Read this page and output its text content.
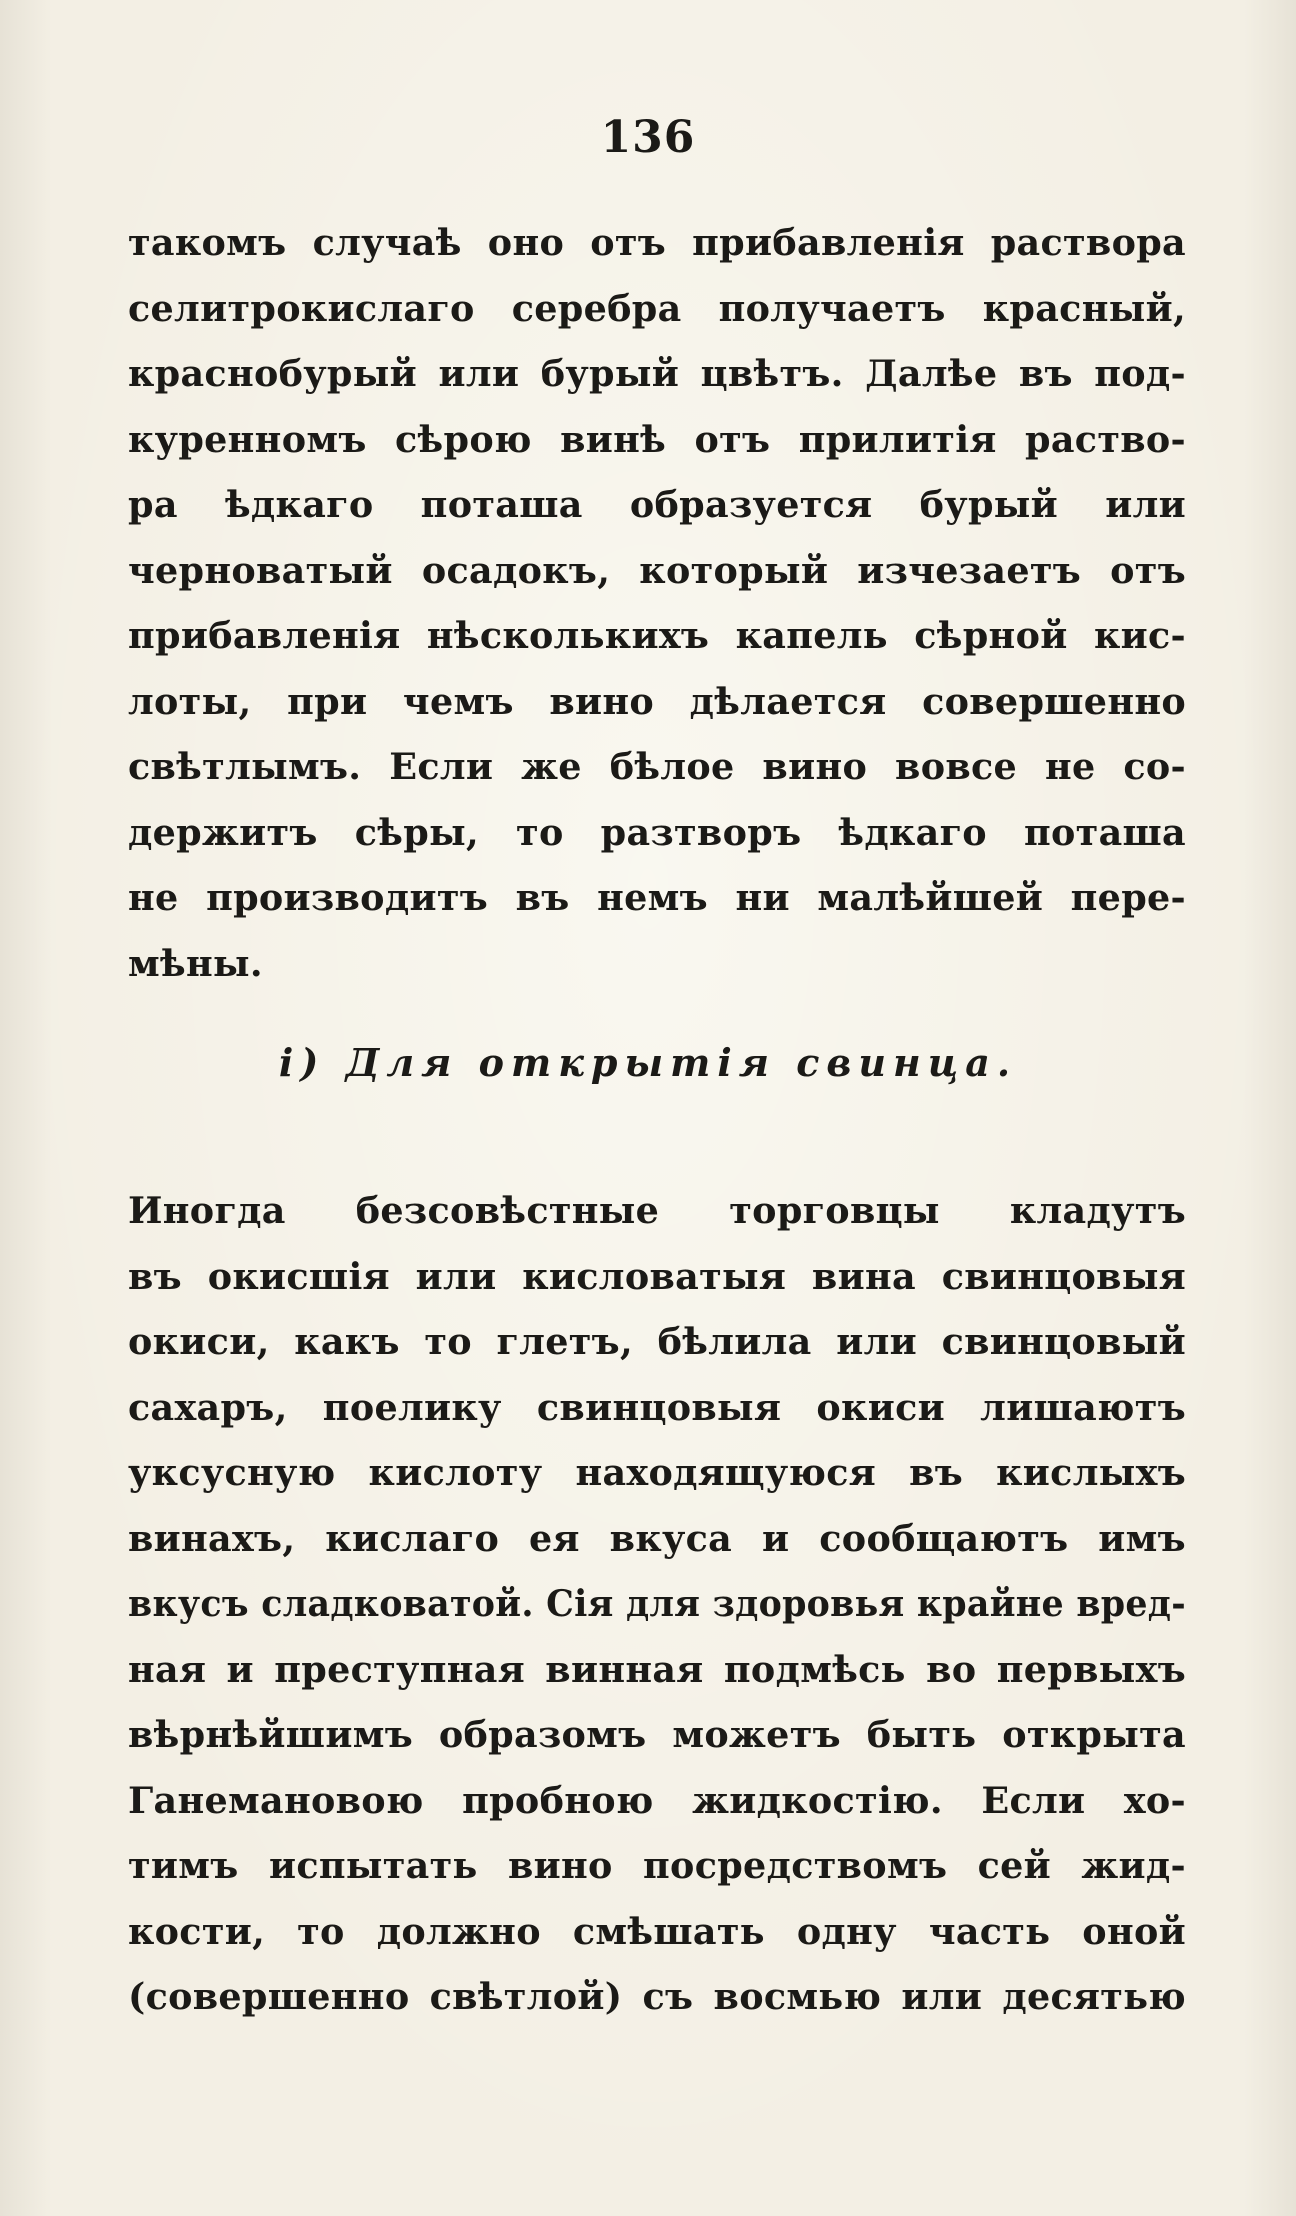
136
такомъ случаѣ оно отъ прибавленія раствора
селитрокислаго серебра получаетъ красный,
краснобурый или бурый цвѣтъ. Далѣе въ под-
куренномъ сѣрою винѣ отъ прилитія раство-
ра ѣдкаго поташа образуется бурый или
черноватый осадокъ, который изчезаетъ отъ
прибавленія нѣсколькихъ капель сѣрной кис-
лоты, при чемъ вино дѣлается совершенно
свѣтлымъ. Если же бѣлое вино вовсе не со-
держитъ сѣры, то разтворъ ѣдкаго поташа
не производитъ въ немъ ни малѣйшей пере-
мѣны.
i) Для открытія свинца.
Иногда безсовѣстные торговцы кладутъ
въ окисшія или кисловатыя вина свинцовыя
окиси, какъ то глетъ, бѣлила или свинцовый
сахаръ, поелику свинцовыя окиси лишаютъ
уксусную кислоту находящуюся въ кислыхъ
винахъ, кислаго ея вкуса и сообщаютъ имъ
вкусъ сладковатой. Сія для здоровья крайне вред-
ная и преступная винная подмѣсь во первыхъ
вѣрнѣйшимъ образомъ можетъ быть открыта
Ганемановою пробною жидкостію. Если хо-
тимъ испытать вино посредствомъ сей жид-
кости, то должно смѣшать одну часть оной
(совершенно свѣтлой) съ восмью или десятью
